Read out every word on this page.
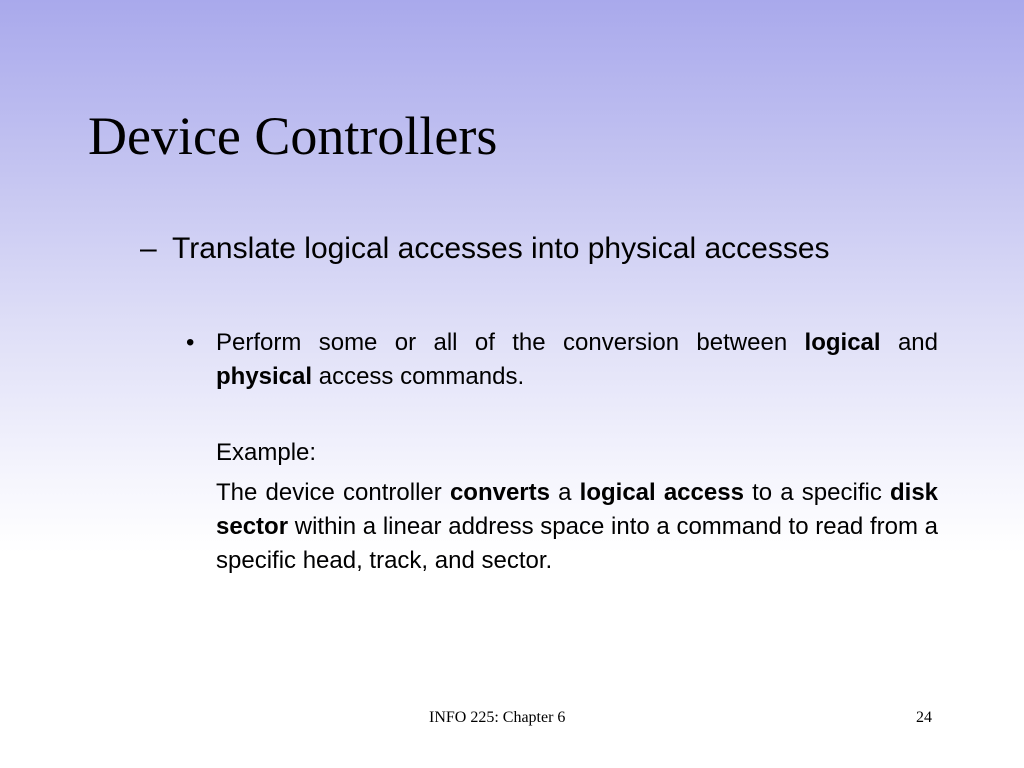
Device Controllers
– Translate logical accesses into physical accesses
• Perform some or all of the conversion between logical and physical access commands.

Example:

The device controller converts a logical access to a specific disk sector within a linear address space into a command to read from a specific head, track, and sector.

INFO 225: Chapter 6	24
